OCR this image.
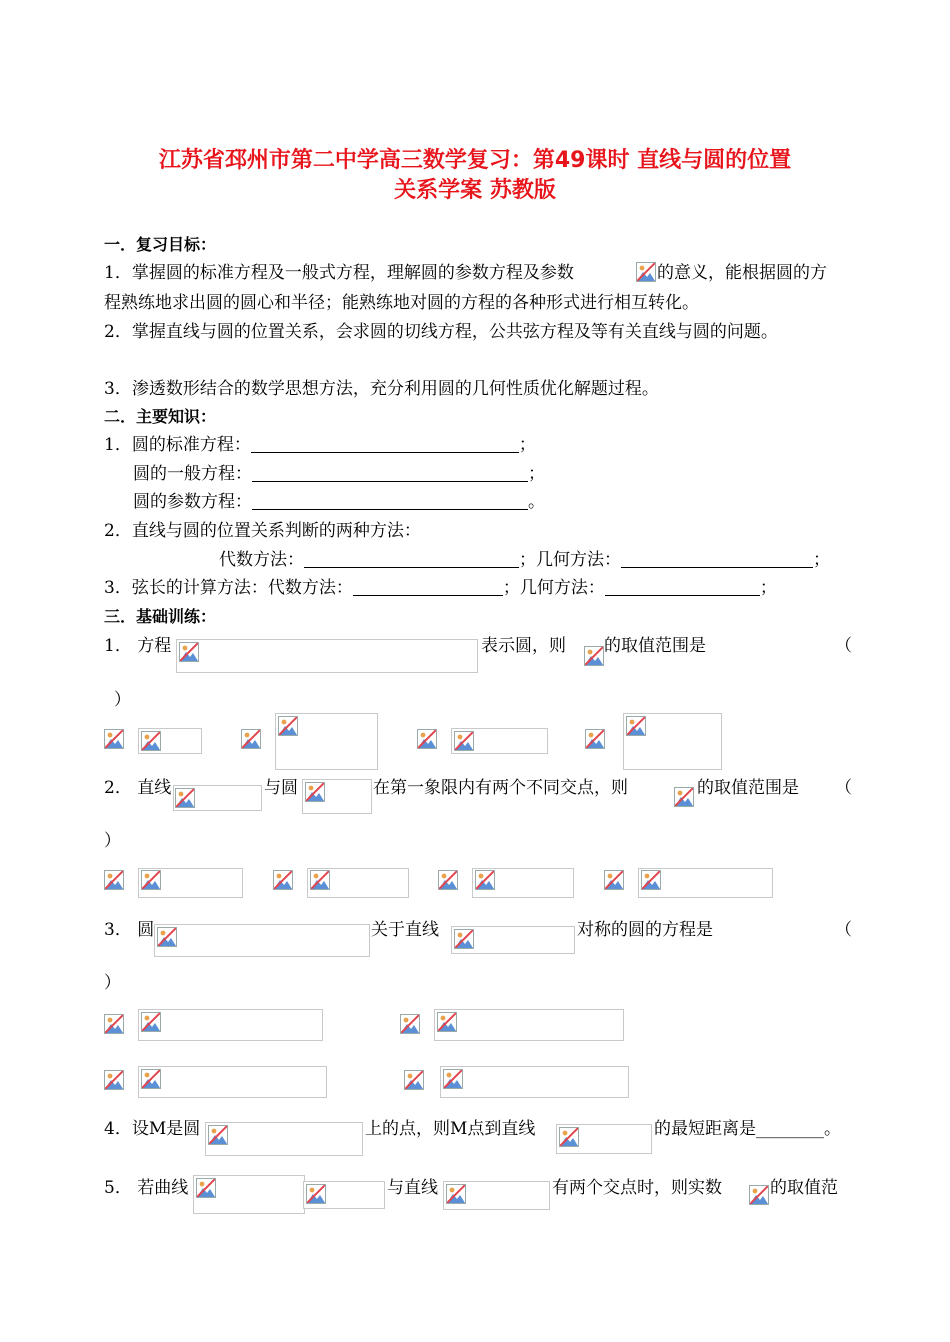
江苏省邳州市第二中学高三数学复习：第49课时 直线与圆的位置
关系学案 苏教版
一．复习目标：
1．掌握圆的标准方程及一般式方程，理解圆的参数方程及参数	的意义，能根据圆的方
程熟练地求出圆的圆心和半径；能熟练地对圆的方程的各种形式进行相互转化。
2．掌握直线与圆的位置关系，会求圆的切线方程，公共弦方程及等有关直线与圆的问题。
3．渗透数形结合的数学思想方法，充分利用圆的几何性质优化解题过程。
二．主要知识：
1．圆的标准方程：	；
圆的一般方程：	；
圆的参数方程：	。
2．直线与圆的位置关系判断的两种方法：
代数方法：	；几何方法：	；
3．弦长的计算方法：代数方法：	；几何方法：	；
三．基础训练：
1． 方程	表示圆，则 的取值范围是	（
）
2． 直线	与圆	在第一象限内有两个不同交点，则	的取值范围是 （
）
3． 圆	关于直线	对称的圆的方程是	（
）
4．设M是圆	上的点，则M点到直线	的最短距离是________。
5． 若曲线	与直线	有两个交点时，则实数	的取值范
